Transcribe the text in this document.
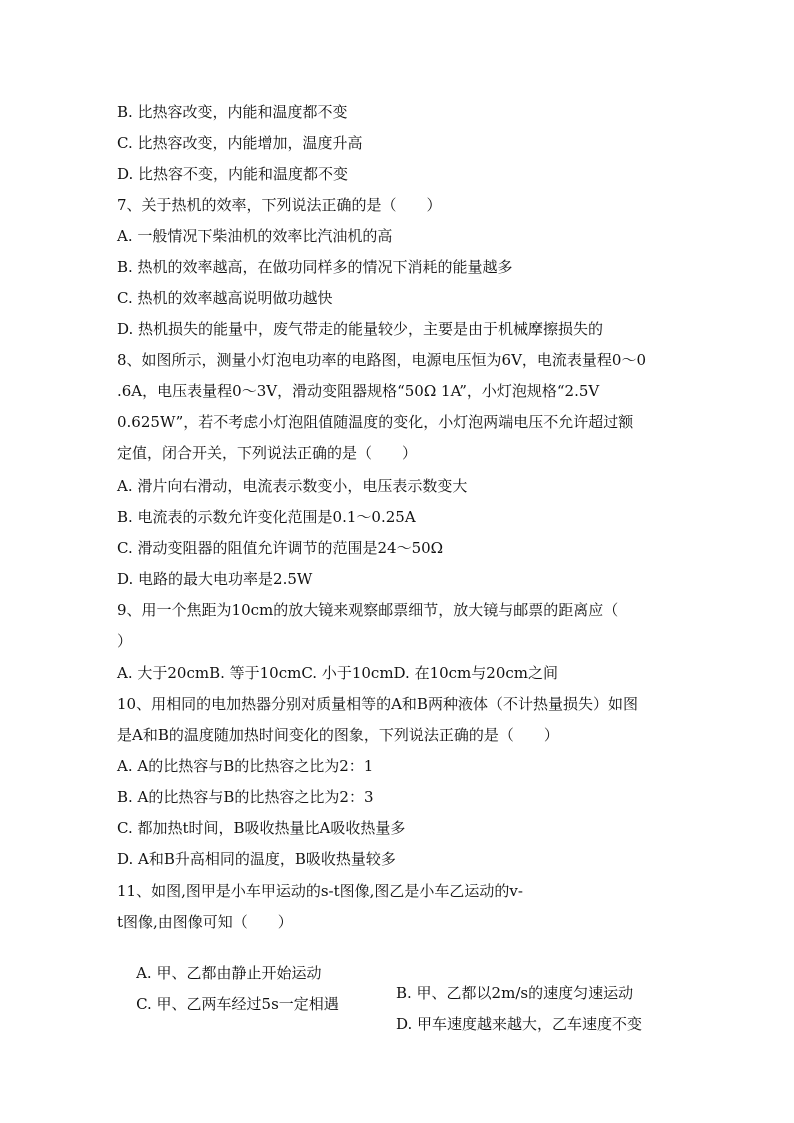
B. 比热容改变，内能和温度都不变
C. 比热容改变，内能增加，温度升高
D. 比热容不变，内能和温度都不变
7、关于热机的效率，下列说法正确的是（　　）
A. 一般情况下柴油机的效率比汽油机的高
B. 热机的效率越高，在做功同样多的情况下消耗的能量越多
C. 热机的效率越高说明做功越快
D. 热机损失的能量中，废气带走的能量较少，主要是由于机械摩擦损失的
8、如图所示，测量小灯泡电功率的电路图，电源电压恒为6V，电流表量程0～0
.6A，电压表量程0～3V，滑动变阻器规格“50Ω 1A”，小灯泡规格“2.5V
0.625W”，若不考虑小灯泡阻值随温度的变化，小灯泡两端电压不允许超过额
定值，闭合开关，下列说法正确的是（　　）
A. 滑片向右滑动，电流表示数变小，电压表示数变大
B. 电流表的示数允许变化范围是0.1～0.25A
C. 滑动变阻器的阻值允许调节的范围是24～50Ω
D. 电路的最大电功率是2.5W
9、用一个焦距为10cm的放大镜来观察邮票细节，放大镜与邮票的距离应（
）
A. 大于20cmB. 等于10cmC. 小于10cmD. 在10cm与20cm之间
10、用相同的电加热器分别对质量相等的A和B两种液体（不计热量损失）如图
是A和B的温度随加热时间变化的图象，下列说法正确的是（　　）
A. A的比热容与B的比热容之比为2：1
B. A的比热容与B的比热容之比为2：3
C. 都加热t时间，B吸收热量比A吸收热量多
D. A和B升高相同的温度，B吸收热量较多
11、如图,图甲是小车甲运动的s-t图像,图乙是小车乙运动的v-
t图像,由图像可知（　　）

A. 甲、乙都由静止开始运动

B. 甲、乙都以2m/s的速度匀速运动

C. 甲、乙两车经过5s一定相遇

D. 甲车速度越来越大，乙车速度不变
